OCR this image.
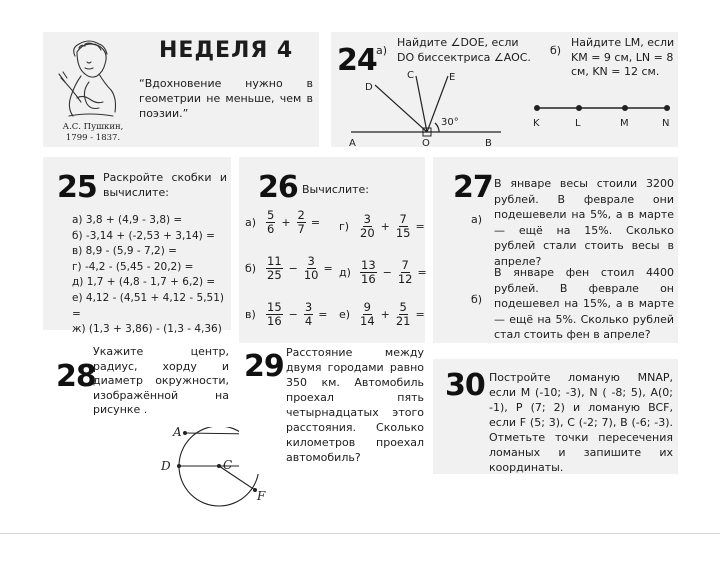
А.С. Пушкин,
1799 - 1837.
НЕДЕЛЯ 4
“Вдохновение нужно в геометрии не меньше, чем в поэзии.”
24 а)
Найдите ∠DOE, если DO биссектриса ∠AOC. б)
Найдите LM, если KM = 9 см, LN = 8 см, KN = 12 см.
C	E
D
A	O	B
30°	K	L	M	N
25 Раскройте скобки и вычислите:
а) 3,8 + (4,9 - 3,8) =
б) -3,14 + (-2,53 + 3,14) =
в) 8,9 - (5,9 - 7,2) =
г) -4,2 - (5,45 - 20,2) =
д) 1,7 + (4,8 - 1,7 + 6,2) =
е) 4,12 - (4,51 + 4,12 - 5,51) =
ж) (1,3 + 3,86) - (1,3 - 4,36)
26 Вычислите:
$а) \frac{5}{6} + \frac{2}{7}$ =
$б) \frac{11}{25} - \frac{3}{10}$ =
$в) \frac{15}{16} - \frac{3}{4}$ =
$г) \frac{3}{20} + \frac{7}{15}$ =
$д) \frac{13}{16} - \frac{7}{12}$ =
$е) \frac{9}{14} + \frac{5}{21}$ =
27
а)
В январе весы стоили 3200 рублей. В феврале они подешевели на 5%, а в марте — ещё на 15%. Сколько рублей стали стоить весы в апреле?
б)
В январе фен стоил 4400 рублей. В феврале он подешевел на 15%, а в марте — ещё на 5%. Сколько рублей стал стоить фен в апреле?
28
Укажите центр, радиус, хорду и диаметр окружности, изображённой на рисунке .
A
D	C
F
29 Расстояние между двумя городами равно 350 км. Автомобиль проехал пять четырнадцатых этого расстояния. Сколько километров проехал автомобиль?
30 Постройте ломаную MNAP, если M (-10; -3), N ( -8; 5), A(0; -1), P (7; 2) и ломаную BCF, если F (5; 3), C (-2; 7), B (-6; -3). Отметьте точки пересечения ломаных и запишите их координаты.
